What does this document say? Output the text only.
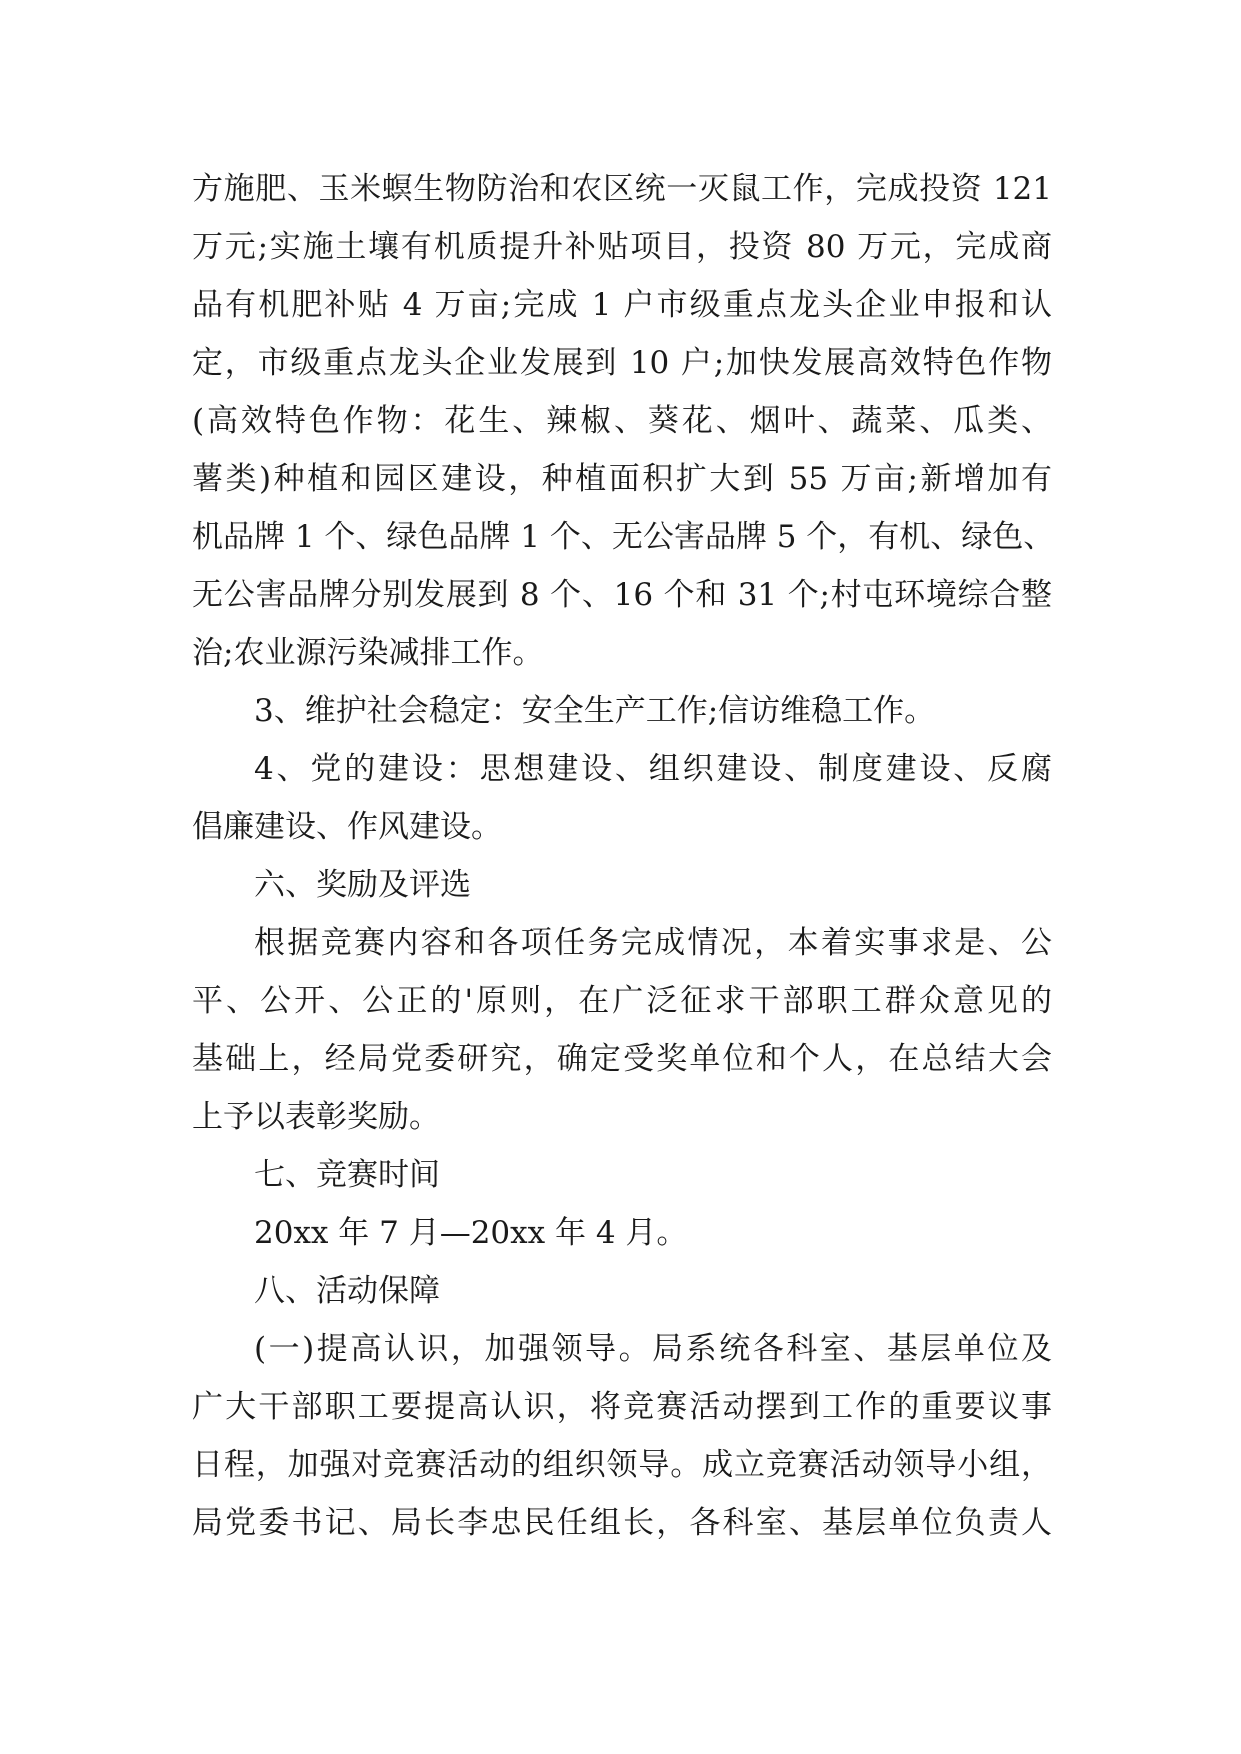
方施肥、玉米螟生物防治和农区统一灭鼠工作，完成投资 121
万元;实施土壤有机质提升补贴项目，投资 80 万元，完成商
品有机肥补贴 4 万亩;完成 1 户市级重点龙头企业申报和认
定，市级重点龙头企业发展到 10 户;加快发展高效特色作物
(高效特色作物：花生、辣椒、葵花、烟叶、蔬菜、瓜类、
薯类)种植和园区建设，种植面积扩大到 55 万亩;新增加有
机品牌 1 个、绿色品牌 1 个、无公害品牌 5 个，有机、绿色、
无公害品牌分别发展到 8 个、16 个和 31 个;村屯环境综合整
治;农业源污染减排工作。
3、维护社会稳定：安全生产工作;信访维稳工作。
4、党的建设：思想建设、组织建设、制度建设、反腐
倡廉建设、作风建设。
六、奖励及评选
根据竞赛内容和各项任务完成情况，本着实事求是、公
平、公开、公正的'原则，在广泛征求干部职工群众意见的
基础上，经局党委研究，确定受奖单位和个人，在总结大会
上予以表彰奖励。
七、竞赛时间
20xx 年 7 月—20xx 年 4 月。
八、活动保障
(一)提高认识，加强领导。局系统各科室、基层单位及
广大干部职工要提高认识，将竞赛活动摆到工作的重要议事
日程，加强对竞赛活动的组织领导。成立竞赛活动领导小组，
局党委书记、局长李忠民任组长，各科室、基层单位负责人
